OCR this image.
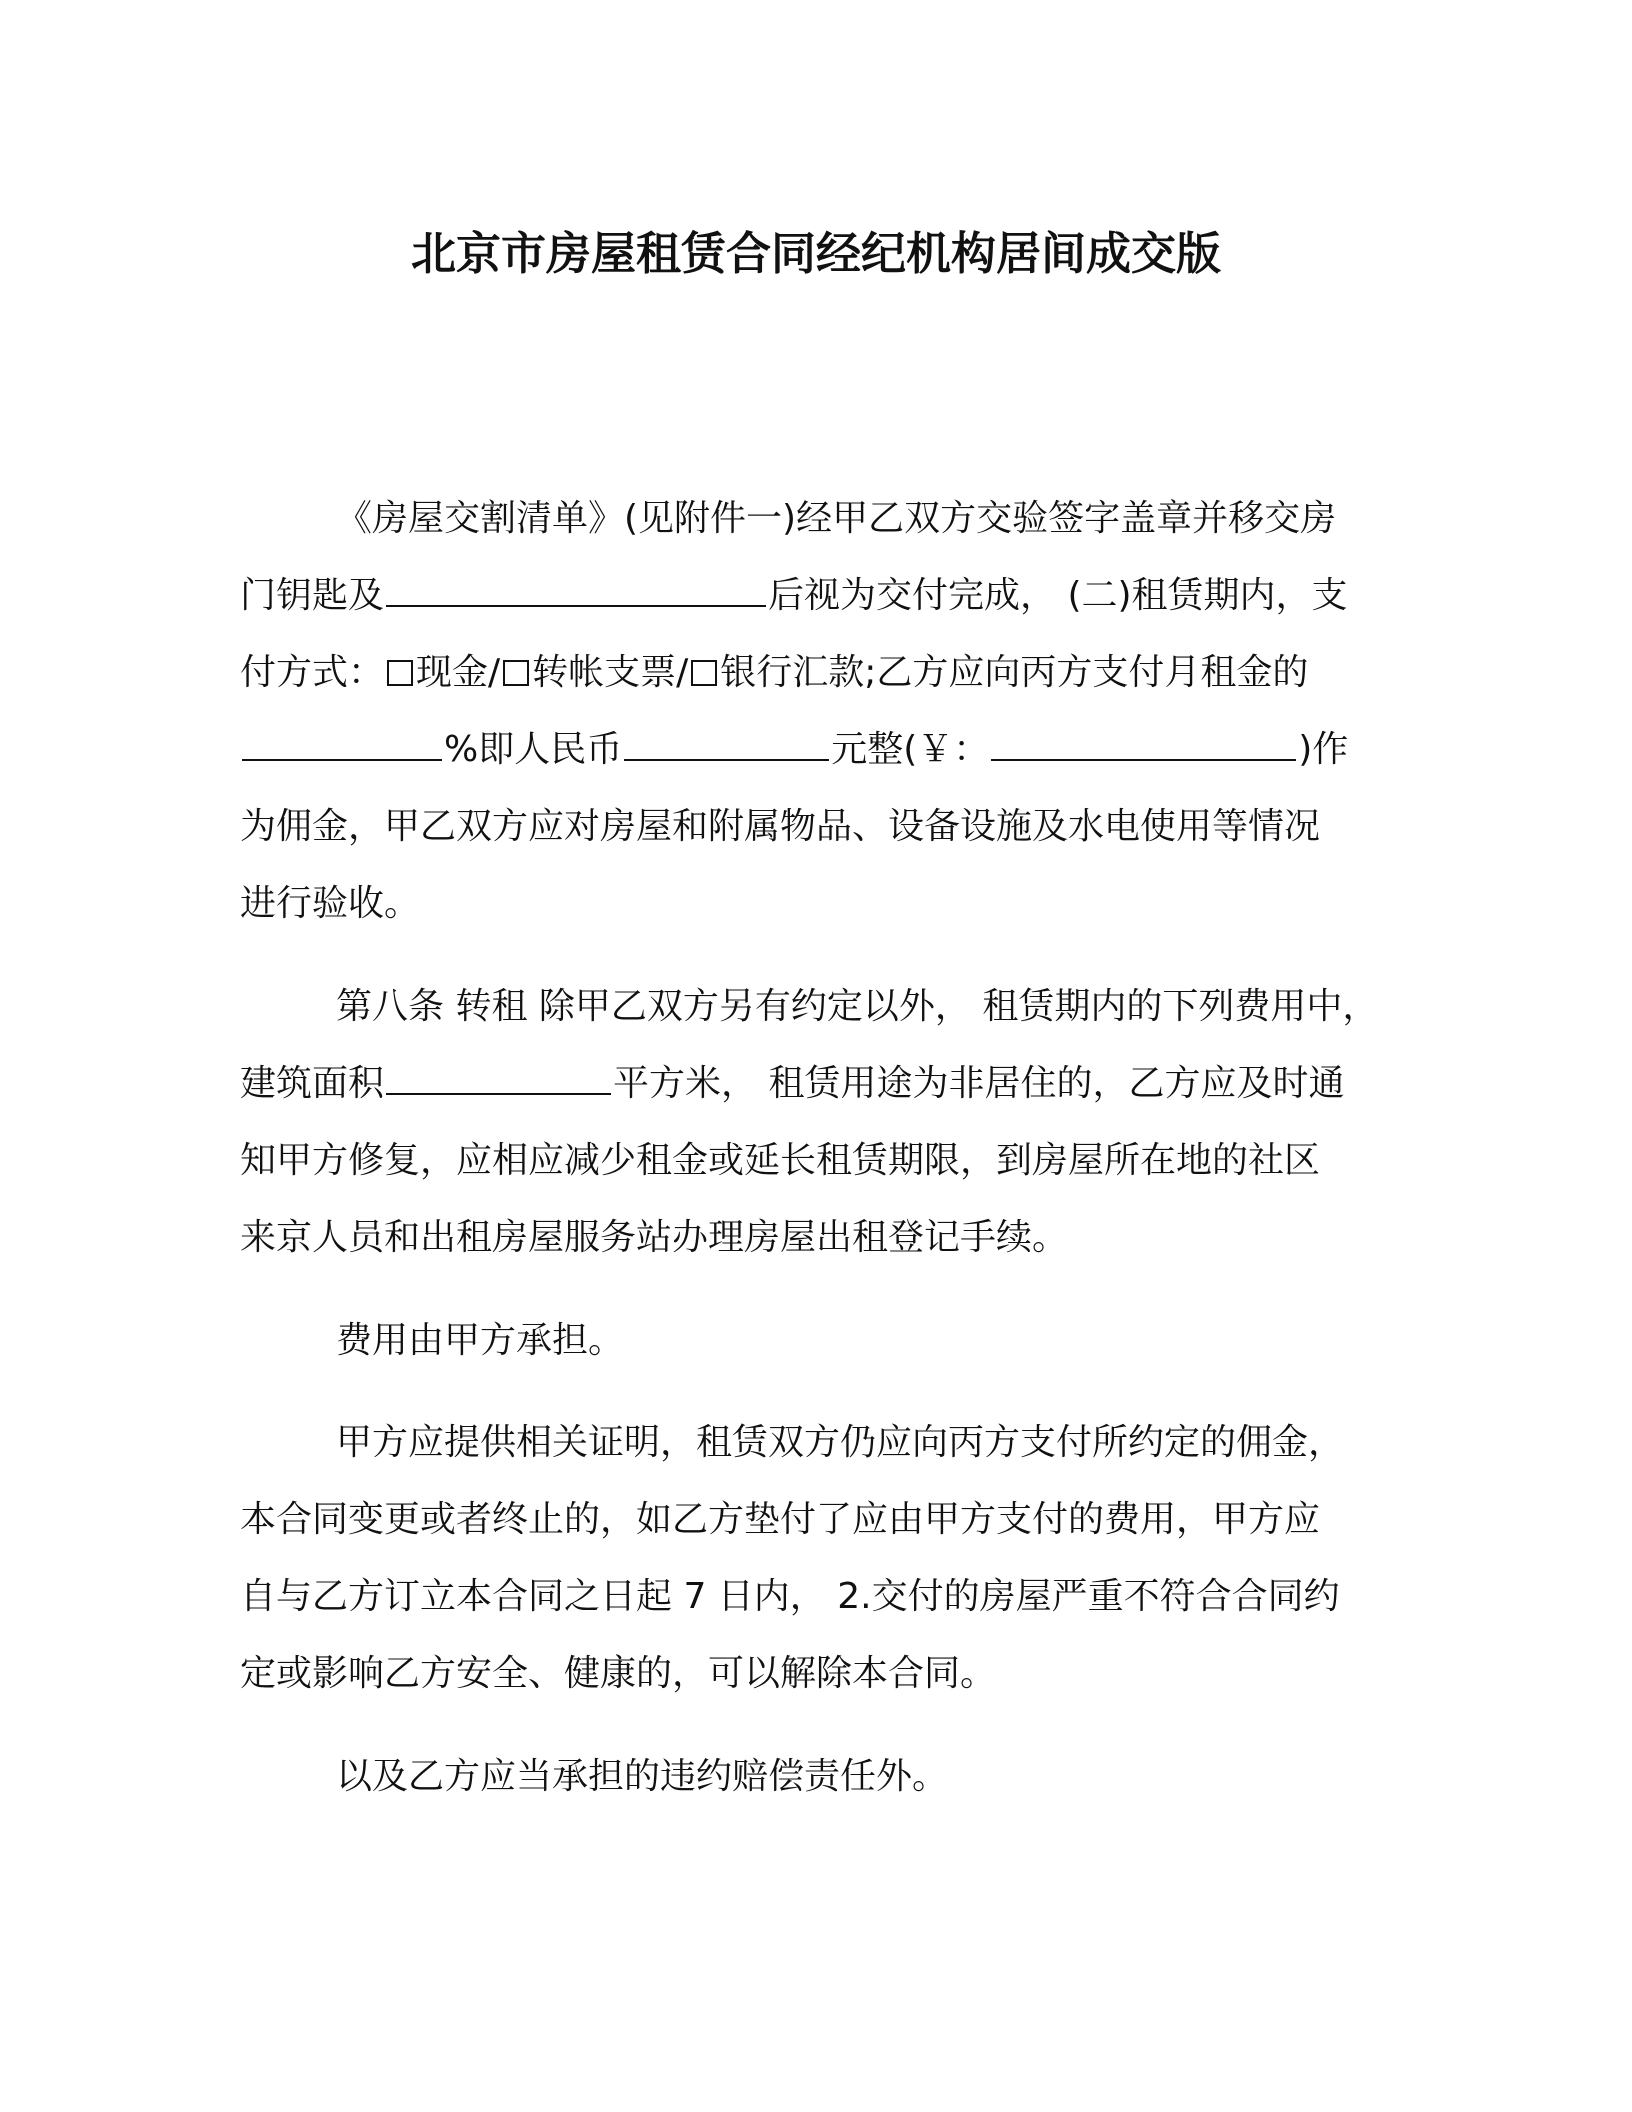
北京市房屋租赁合同经纪机构居间成交版
《房屋交割清单》(见附件一)经甲乙双方交验签字盖章并移交房
门钥匙及	后视为交付完成， (二)租赁期内，支
付方式： 现金/ 转帐支票/ 银行汇款;乙方应向丙方支付月租金的
%即人民币	元整(￥：	)作
为佣金，甲乙双方应对房屋和附属物品、设备设施及水电使用等情况
进行验收。
第八条 转租 除甲乙双方另有约定以外， 租赁期内的下列费用中，
建筑面积	平方米， 租赁用途为非居住的，乙方应及时通
知甲方修复，应相应减少租金或延长租赁期限，到房屋所在地的社区
来京人员和出租房屋服务站办理房屋出租登记手续。
费用由甲方承担。
甲方应提供相关证明，租赁双方仍应向丙方支付所约定的佣金，
本合同变更或者终止的，如乙方垫付了应由甲方支付的费用，甲方应
自与乙方订立本合同之日起 7 日内， 2.交付的房屋严重不符合合同约
定或影响乙方安全、健康的，可以解除本合同。
以及乙方应当承担的违约赔偿责任外。
